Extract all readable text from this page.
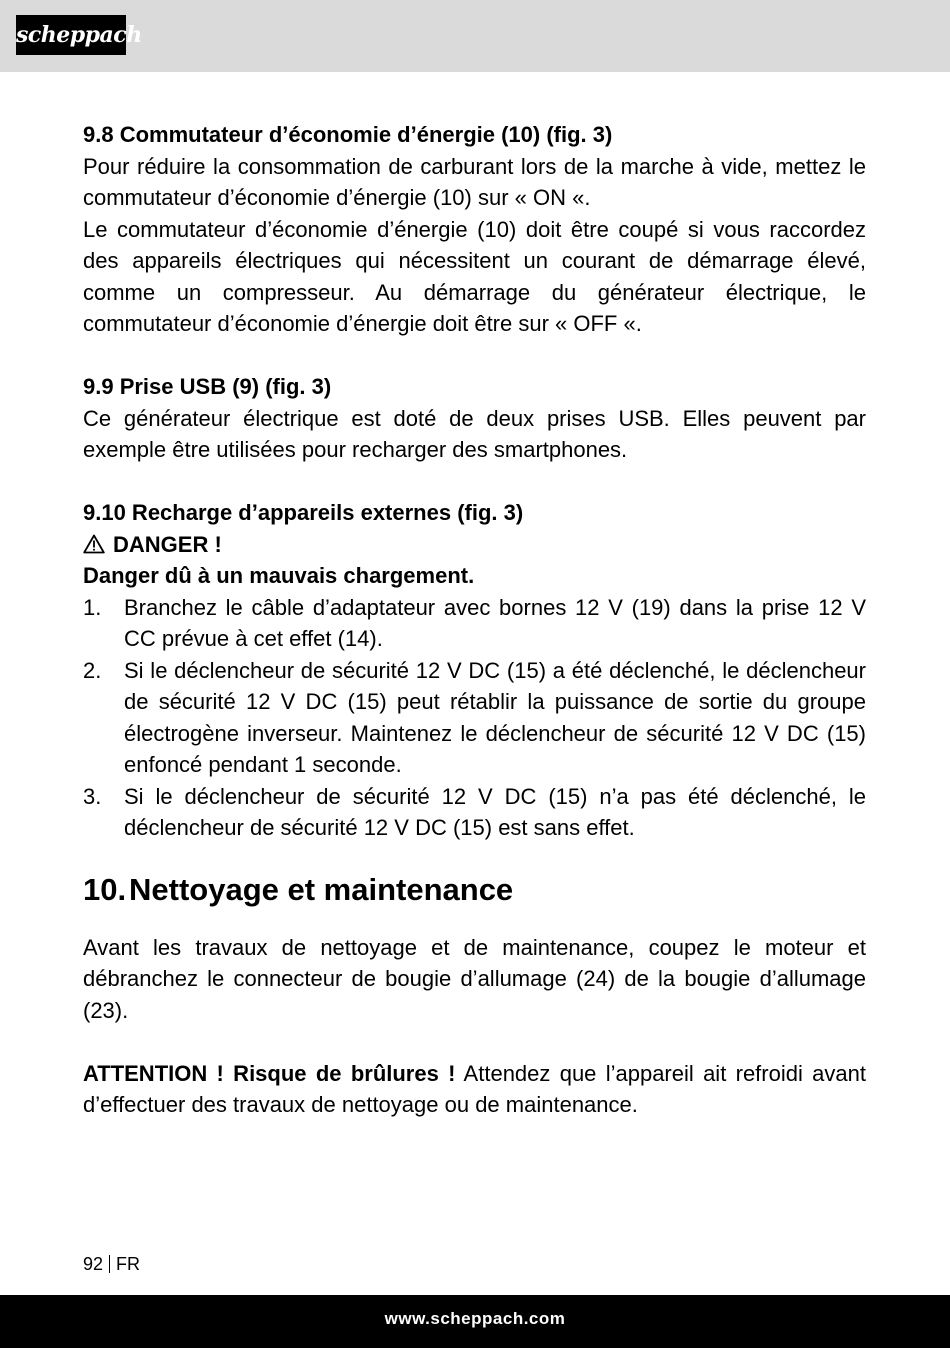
scheppach

9.8 Commutateur d’économie d’énergie (10) (fig. 3)

Pour réduire la consommation de carburant lors de la marche à vide, mettez le commutateur d’économie d’énergie (10) sur « ON «.

Le commutateur d’économie d’énergie (10) doit être coupé si vous raccordez des appareils électriques qui nécessitent un courant de démarrage élevé, comme un compresseur. Au démarrage du générateur électrique, le commutateur d’économie d’énergie doit être sur « OFF «.

9.9 Prise USB (9) (fig. 3)

Ce générateur électrique est doté de deux prises USB. Elles peuvent par exemple être utilisées pour recharger des smartphones.

9.10 Recharge d’appareils externes (fig. 3)

DANGER !

Danger dû à un mauvais chargement.

1. Branchez le câble d’adaptateur avec bornes 12 V (19) dans la prise 12 V CC prévue à cet effet (14).
2. Si le déclencheur de sécurité 12 V DC (15) a été déclenché, le déclencheur de sécurité 12 V DC (15) peut rétablir la puissance de sortie du groupe électrogène inverseur. Maintenez le déclencheur de sécurité 12 V DC (15) enfoncé pendant 1 seconde.
3. Si le déclencheur de sécurité 12 V DC (15) n’a pas été déclenché, le déclencheur de sécurité 12 V DC (15) est sans effet.
10.Nettoyage et maintenance

Avant les travaux de nettoyage et de maintenance, coupez le moteur et débranchez le connecteur de bougie d’allumage (24) de la bougie d’allumage (23).

ATTENTION ! Risque de brûlures ! Attendez que l’appareil ait refroidi avant d’effectuer des travaux de nettoyage ou de maintenance.

92 FR
www.scheppach.com
